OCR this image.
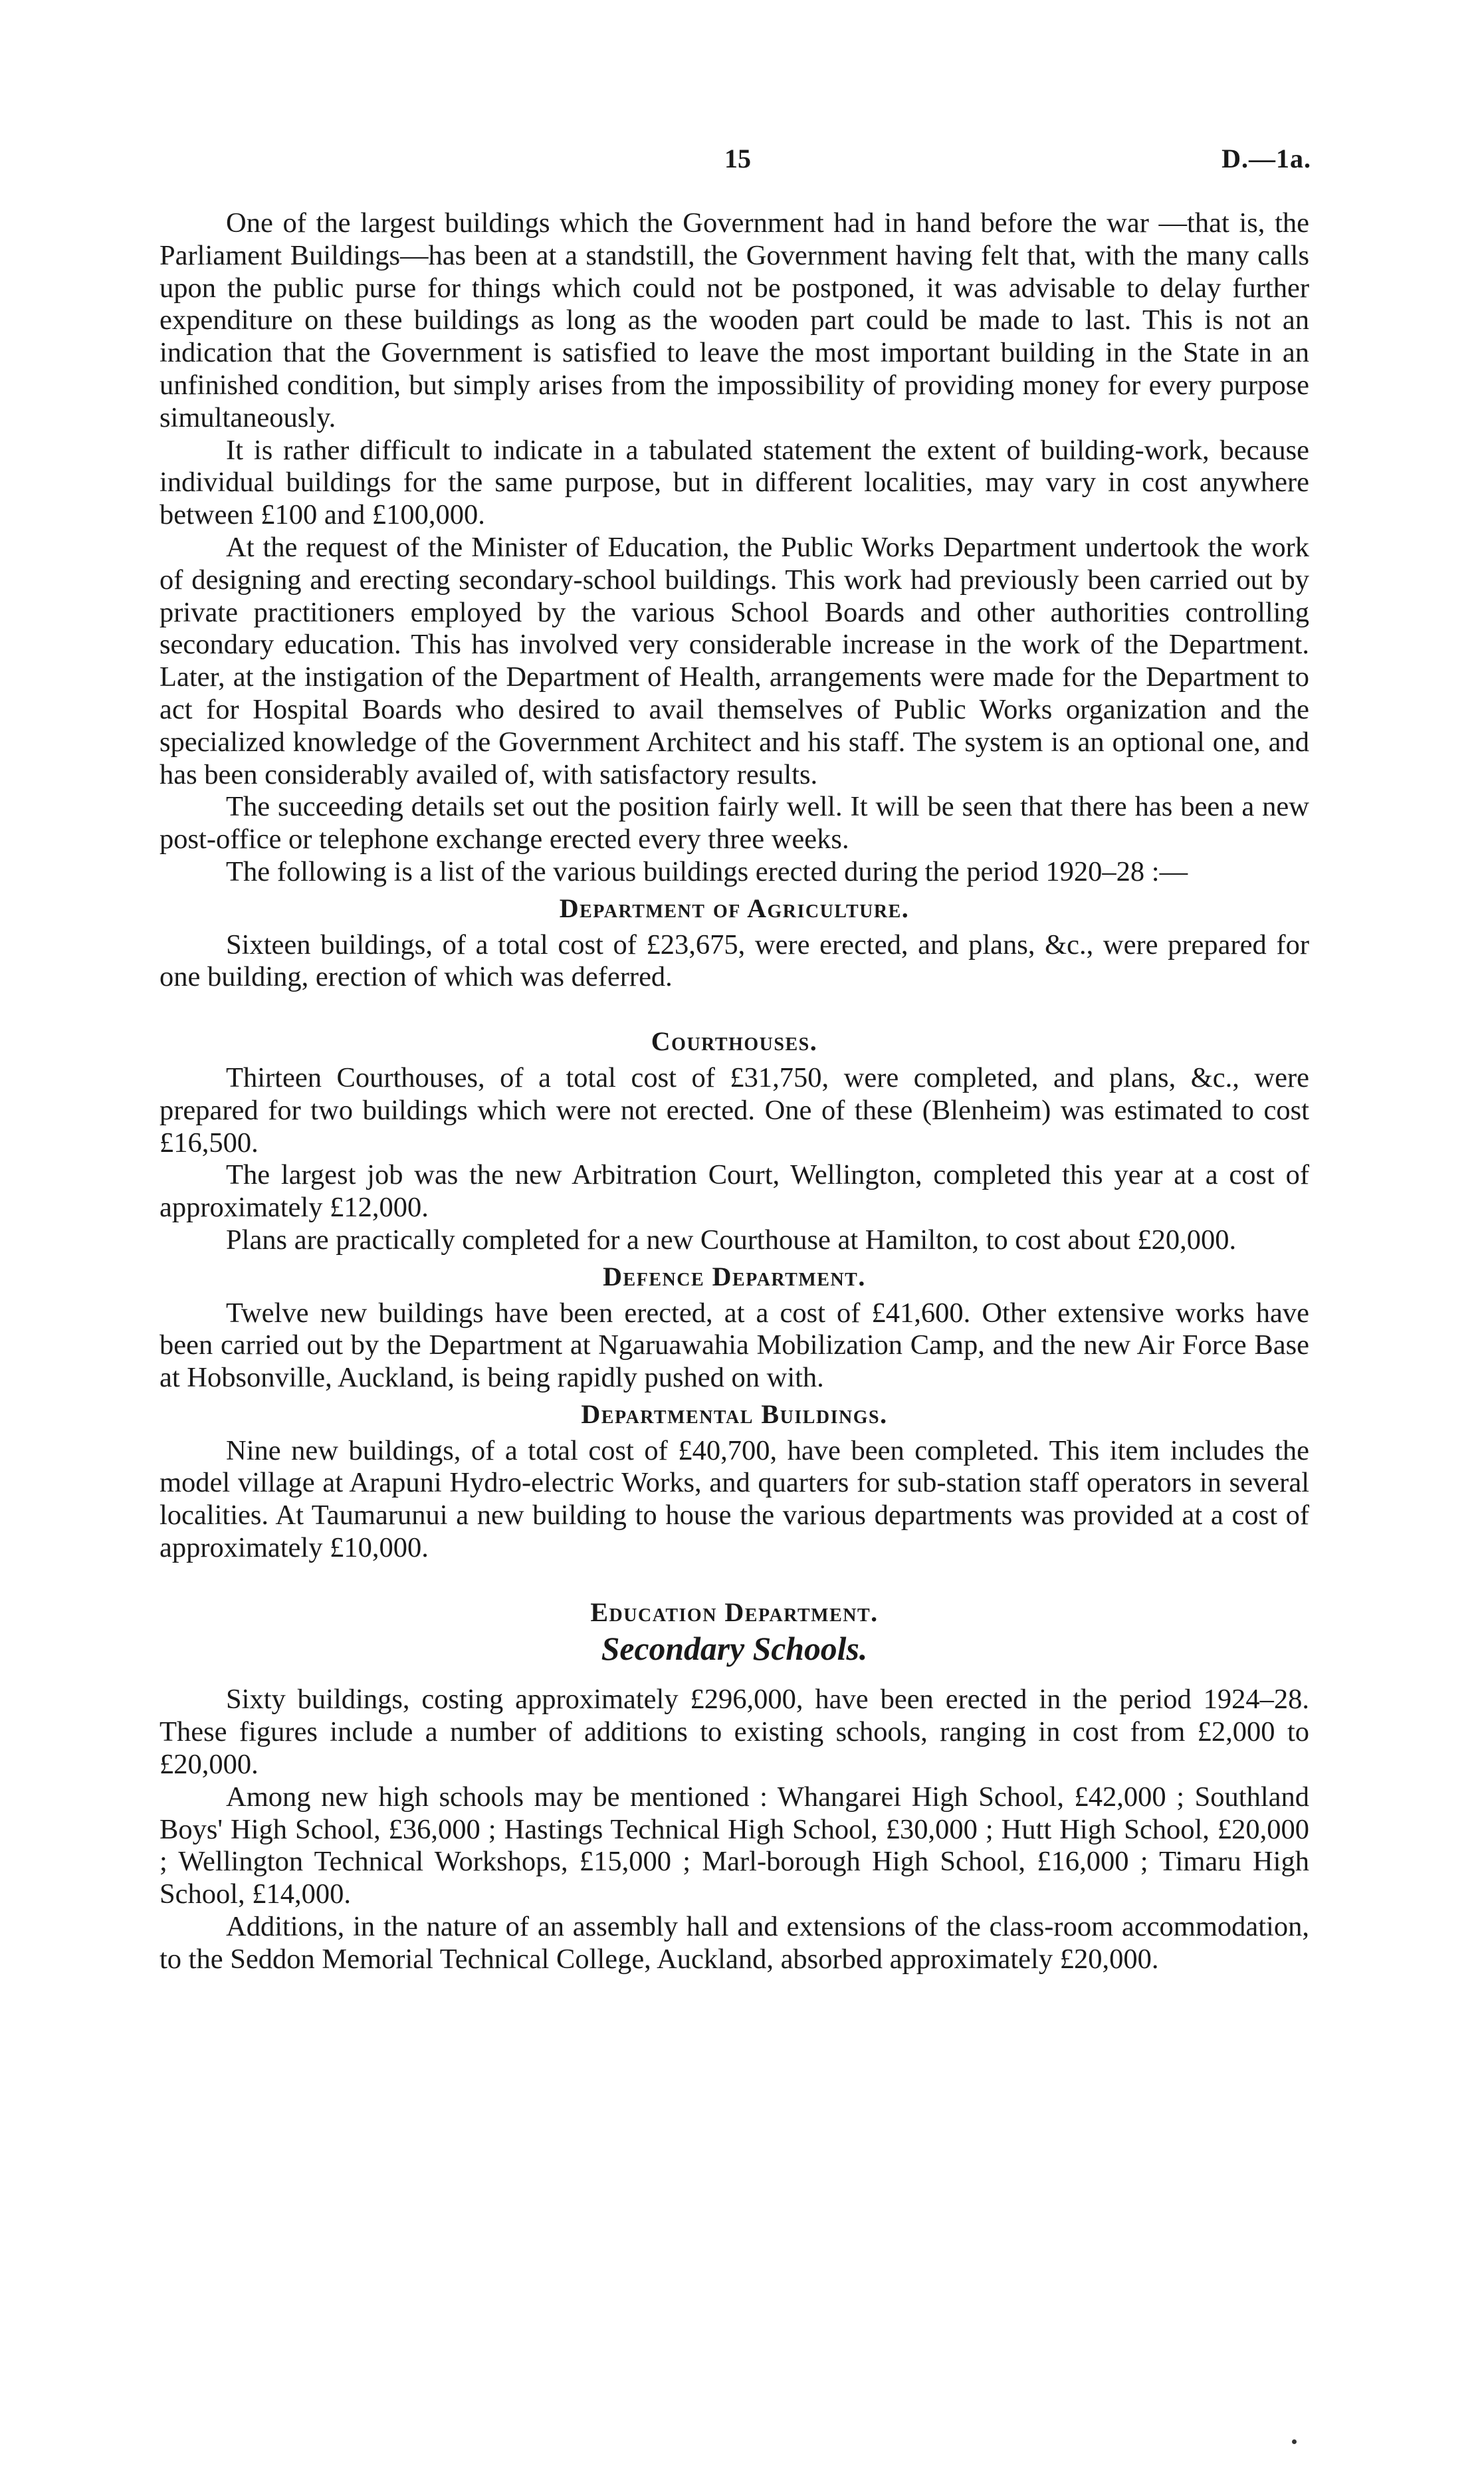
15	D.—1a.

One of the largest buildings which the Government had in hand before the war —that is, the Parliament Buildings—has been at a standstill, the Government having felt that, with the many calls upon the public purse for things which could not be postponed, it was advisable to delay further expenditure on these buildings as long as the wooden part could be made to last. This is not an indication that the Government is satisfied to leave the most important building in the State in an unfinished condition, but simply arises from the impossibility of providing money for every purpose simultaneously.

It is rather difficult to indicate in a tabulated statement the extent of building-work, because individual buildings for the same purpose, but in different localities, may vary in cost anywhere between £100 and £100,000.

At the request of the Minister of Education, the Public Works Department undertook the work of designing and erecting secondary-school buildings. This work had previously been carried out by private practitioners employed by the various School Boards and other authorities controlling secondary education. This has involved very considerable increase in the work of the Department. Later, at the instigation of the Department of Health, arrangements were made for the Department to act for Hospital Boards who desired to avail themselves of Public Works organization and the specialized knowledge of the Government Architect and his staff. The system is an optional one, and has been considerably availed of, with satisfactory results.

The succeeding details set out the position fairly well. It will be seen that there has been a new post-office or telephone exchange erected every three weeks.

The following is a list of the various buildings erected during the period 1920–28 :—

Department of Agriculture.

Sixteen buildings, of a total cost of £23,675, were erected, and plans, &c., were prepared for one building, erection of which was deferred.

Courthouses.

Thirteen Courthouses, of a total cost of £31,750, were completed, and plans, &c., were prepared for two buildings which were not erected. One of these (Blenheim) was estimated to cost £16,500.

The largest job was the new Arbitration Court, Wellington, completed this year at a cost of approximately £12,000.

Plans are practically completed for a new Courthouse at Hamilton, to cost about £20,000.

Defence Department.

Twelve new buildings have been erected, at a cost of £41,600. Other extensive works have been carried out by the Department at Ngaruawahia Mobilization Camp, and the new Air Force Base at Hobsonville, Auckland, is being rapidly pushed on with.

Departmental Buildings.

Nine new buildings, of a total cost of £40,700, have been completed. This item includes the model village at Arapuni Hydro-electric Works, and quarters for sub-station staff operators in several localities. At Taumarunui a new building to house the various departments was provided at a cost of approximately £10,000.

Education Department.
Secondary Schools.

Sixty buildings, costing approximately £296,000, have been erected in the period 1924–28. These figures include a number of additions to existing schools, ranging in cost from £2,000 to £20,000.

Among new high schools may be mentioned : Whangarei High School, £42,000 ; Southland Boys' High School, £36,000 ; Hastings Technical High School, £30,000 ; Hutt High School, £20,000 ; Wellington Technical Workshops, £15,000 ; Marl-borough High School, £16,000 ; Timaru High School, £14,000.

Additions, in the nature of an assembly hall and extensions of the class-room accommodation, to the Seddon Memorial Technical College, Auckland, absorbed approximately £20,000.
